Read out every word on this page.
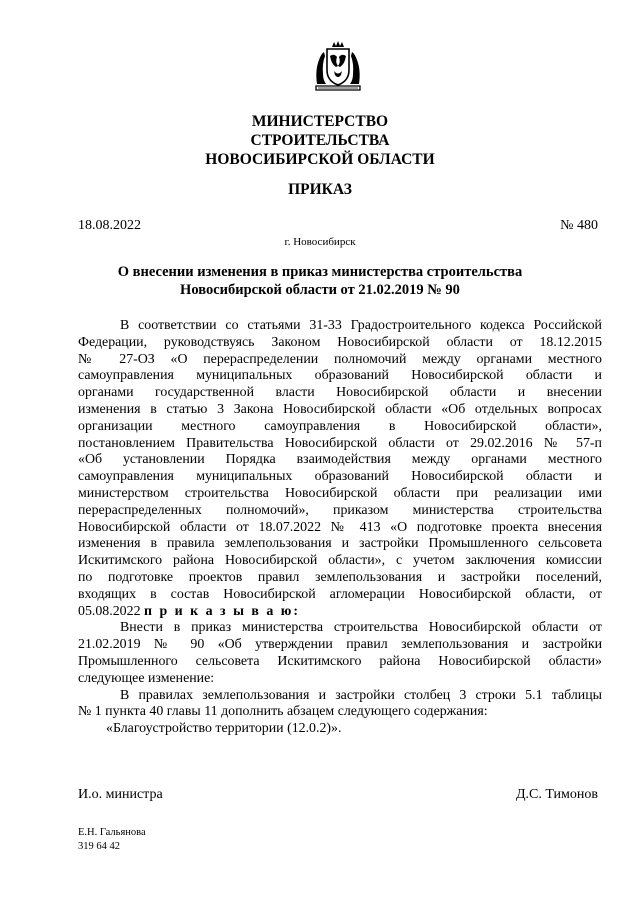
МИНИСТЕРСТВО
СТРОИТЕЛЬСТВА
НОВОСИБИРСКОЙ ОБЛАСТИ
ПРИКАЗ
18.08.2022	№ 480
г. Новосибирск
О внесении изменения в приказ министерства строительства
Новосибирской области от 21.02.2019 № 90
В соответствии со статьями 31-33 Градостроительного кодекса Российской
Федерации, руководствуясь Законом Новосибирской области от 18.12.2015
№ 27-ОЗ «О перераспределении полномочий между органами местного
самоуправления муниципальных образований Новосибирской области и
органами государственной власти Новосибирской области и внесении
изменения в статью 3 Закона Новосибирской области «Об отдельных вопросах
организации местного самоуправления в Новосибирской области»,
постановлением Правительства Новосибирской области от 29.02.2016 № 57-п
«Об установлении Порядка взаимодействия между органами местного
самоуправления муниципальных образований Новосибирской области и
министерством строительства Новосибирской области при реализации ими
перераспределенных полномочий», приказом министерства строительства
Новосибирской области от 18.07.2022 № 413 «О подготовке проекта внесения
изменения в правила землепользования и застройки Промышленного сельсовета
Искитимского района Новосибирской области», с учетом заключения комиссии
по подготовке проектов правил землепользования и застройки поселений,
входящих в состав Новосибирской агломерации Новосибирской области, от
05.08.2022 п р и к а з ы в а ю:
Внести в приказ министерства строительства Новосибирской области от
21.02.2019 № 90 «Об утверждении правил землепользования и застройки
Промышленного сельсовета Искитимского района Новосибирской области»
следующее изменение:
В правилах землепользования и застройки столбец 3 строки 5.1 таблицы
№ 1 пункта 40 главы 11 дополнить абзацем следующего содержания:
«Благоустройство территории (12.0.2)».
И.о. министра	Д.С. Тимонов
Е.Н. Гальянова
319 64 42
